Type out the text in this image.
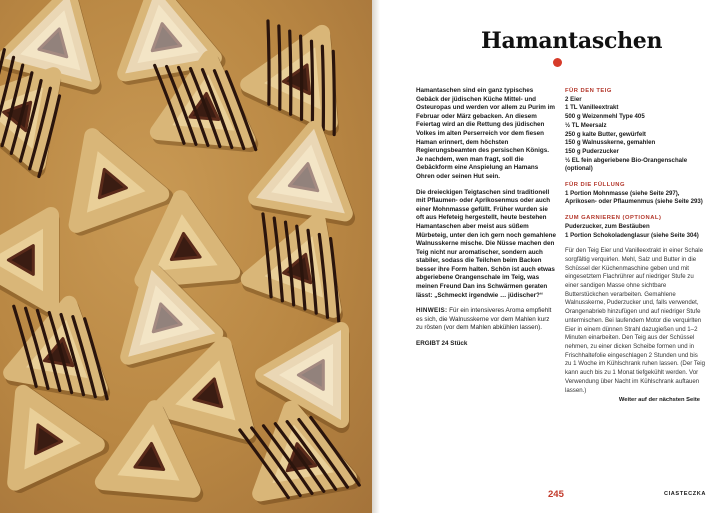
Hamantaschen

Hamantaschen sind ein ganz typisches Gebäck der jüdischen Küche Mittel- und Osteuropas und werden vor allem zu Purim im Februar oder März gebacken. An diesem Feiertag wird an die Rettung des jüdischen Volkes im alten Perserreich vor dem fiesen Haman erinnert, dem höchsten Regierungsbeamten des persischen Königs. Je nachdem, wen man fragt, soll die Gebäckform eine Anspielung an Hamans Ohren oder seinen Hut sein.

Die dreieckigen Teigtaschen sind traditionell mit Pflaumen- oder Aprikosenmus oder auch einer Mohnmasse gefüllt. Früher wurden sie oft aus Hefeteig hergestellt, heute bestehen Hamantaschen aber meist aus süßem Mürbeteig, unter den ich gern noch gemahlene Walnusskerne mische. Die Nüsse machen den Teig nicht nur aromatischer, sondern auch stabiler, sodass die Teilchen beim Backen besser ihre Form halten. Schön ist auch etwas abgeriebene Orangenschale im Teig, was meinen Freund Dan ins Schwärmen geraten lässt: „Schmeckt irgendwie … jüdischer?“

HINWEIS: Für ein intensiveres Aroma empfiehlt es sich, die Walnusskerne vor dem Mahlen kurz zu rösten (vor dem Mahlen abkühlen lassen).

ERGIBT 24 Stück

FÜR DEN TEIG

2 Eier

1 TL Vanilleextrakt

500 g Weizenmehl Type 405

½ TL Meersalz

250 g kalte Butter, gewürfelt

150 g Walnusskerne, gemahlen

150 g Puderzucker

½ EL fein abgeriebene Bio-Orangenschale (optional)

FÜR DIE FÜLLUNG

1 Portion Mohnmasse (siehe Seite 297), Aprikosen- oder Pflaumenmus (siehe Seite 293)

ZUM GARNIEREN (OPTIONAL)

Puderzucker, zum Bestäuben

1 Portion Schokoladenglasur (siehe Seite 304)

Für den Teig Eier und Vanilleextrakt in einer Schale sorgfältig verquirlen. Mehl, Salz und Butter in die Schüssel der Küchenmaschine geben und mit eingesetztem Flachrührer auf niedriger Stufe zu einer sandigen Masse ohne sichtbare Butterstückchen verarbeiten. Gemahlene Walnusskerne, Puderzucker und, falls verwendet, Orangenabrieb hinzufügen und auf niedriger Stufe untermischen. Bei laufendem Motor die verquirlten Eier in einem dünnen Strahl dazugießen und 1–2 Minuten einarbeiten. Den Teig aus der Schüssel nehmen, zu einer dicken Scheibe formen und in Frischhaltefolie eingeschlagen 2 Stunden und bis zu 1 Woche im Kühlschrank ruhen lassen. (Der Teig kann auch bis zu 1 Monat tiefgekühlt werden. Vor Verwendung über Nacht im Kühlschrank auftauen lassen.)

Weiter auf der nächsten Seite
245	CIASTECZKA
